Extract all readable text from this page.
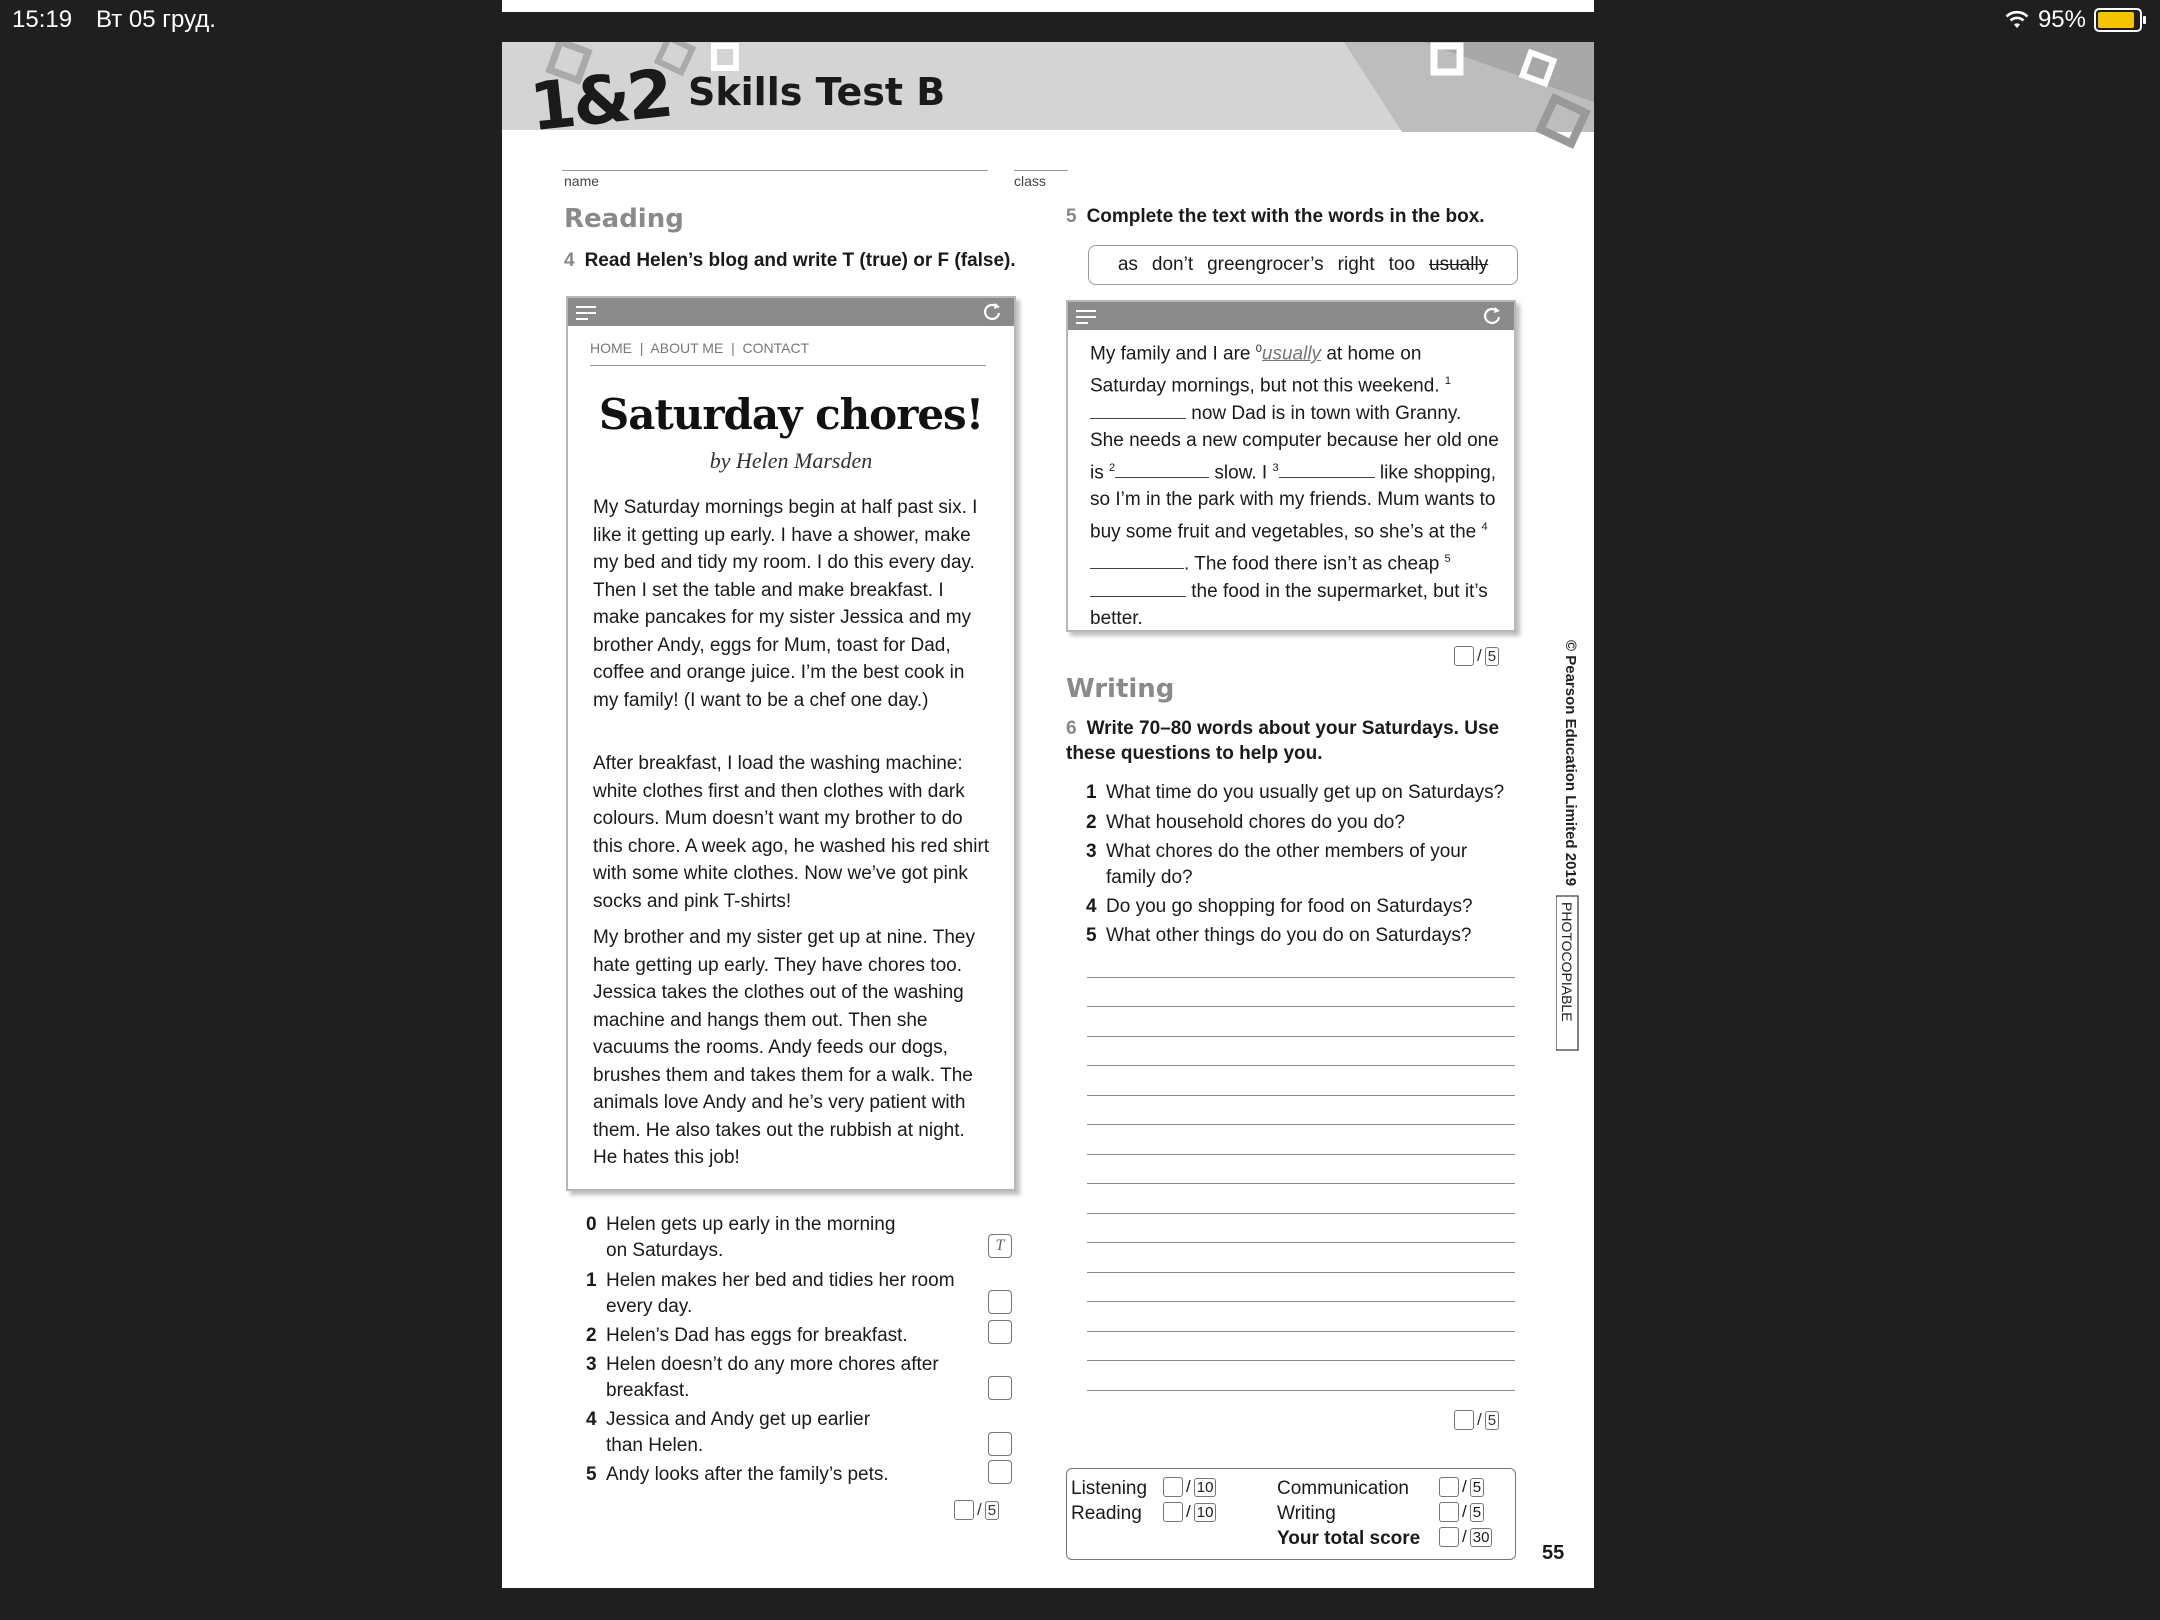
15:19 Вт 05 груд.	95%
1&2 Skills Test B
name	class
Reading
4 Read Helen’s blog and write T (true) or F (false).
HOME  |  ABOUT ME  |  CONTACT
Saturday chores!
by Helen Marsden
My Saturday mornings begin at half past six. I like it getting up early. I have a shower, make my bed and tidy my room. I do this every day. Then I set the table and make breakfast. I make pancakes for my sister Jessica and my brother Andy, eggs for Mum, toast for Dad, coffee and orange juice. I’m the best cook in my family! (I want to be a chef one day.)
After breakfast, I load the washing machine: white clothes first and then clothes with dark colours. Mum doesn’t want my brother to do this chore. A week ago, he washed his red shirt with some white clothes. Now we’ve got pink socks and pink T-shirts!
My brother and my sister get up at nine. They hate getting up early. They have chores too. Jessica takes the clothes out of the washing machine and hangs them out. Then she vacuums the rooms. Andy feeds our dogs, brushes them and takes them for a walk. The animals love Andy and he’s very patient with them. He also takes out the rubbish at night. He hates this job!
0 Helen gets up early in the morning on Saturdays.	T
1 Helen makes her bed and tidies her room every day.
2 Helen’s Dad has eggs for breakfast.
3 Helen doesn’t do any more chores after breakfast.
4 Jessica and Andy get up earlier than Helen.
5 Andy looks after the family’s pets.
/ 5
5 Complete the text with the words in the box.
as don’t greengrocer’s right too usually
My family and I are $^0$usually at home on Saturday mornings, but not this weekend. $^1$ now Dad is in town with Granny. She needs a new computer because her old one is $^2$	slow. I $^3$	like shopping, so I’m in the park with my friends. Mum wants to buy some fruit and vegetables, so she’s at the $^4$. The food there isn’t as cheap $^5$ the food in the supermarket, but it’s better.
/ 5
Writing
6 Write 70–80 words about your Saturdays. Use these questions to help you.
1 What time do you usually get up on Saturdays?
2 What household chores do you do?
3 What chores do the other members of your family do?
4 Do you go shopping for food on Saturdays?
5 What other things do you do on Saturdays?
/ 5
Listening / 10
Reading	/ 10
Communication	/ 5
Writing	/ 5
Your total score / 30
© Pearson Education Limited 2019
PHOTOCOPIABLE
55
